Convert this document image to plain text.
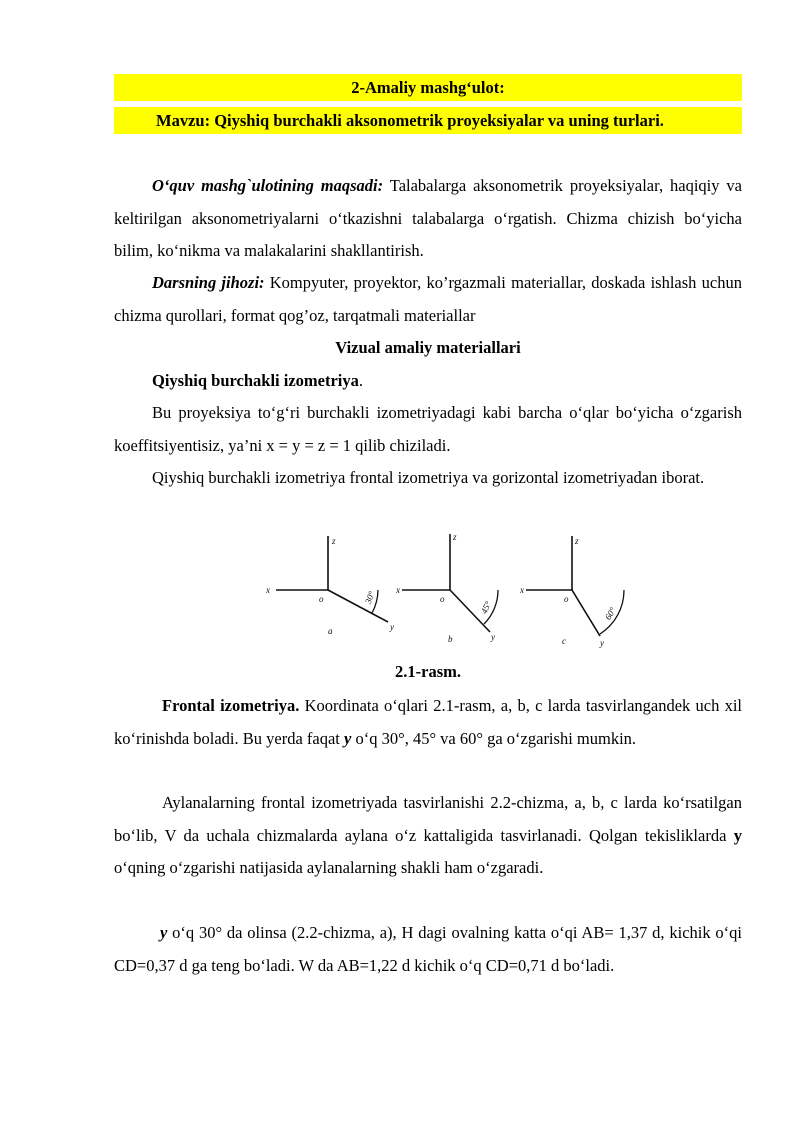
2-Amaliy mashg‘ulot:
Mavzu: Qiyshiq burchakli aksonometrik proyeksiyalar va uning turlari.
O‘quv mashg`ulotining maqsadi: Talabalarga aksonometrik proyeksiyalar, haqiqiy va keltirilgan aksonometriyalarni o‘tkazishni talabalarga o‘rgatish. Chizma chizish bo‘yicha bilim, ko‘nikma va malakalarini shakllantirish.
Darsning jihozi: Kompyuter, proyektor, ko’rgazmali materiallar, doskada ishlash uchun chizma qurollari, format qog’oz, tarqatmali materiallar
Vizual amaliy materiallari
Qiyshiq burchakli izometriya.
Bu proyeksiya to‘g‘ri burchakli izometriyadagi kabi barcha o‘qlar bo‘yicha o‘zgarish koeffitsiyentisiz, ya’ni x = y = z = 1 qilib chiziladi.
Qiyshiq burchakli izometriya frontal izometriya va gorizontal izometriyadan iborat.
2.1-rasm.
Frontal izometriya. Koordinata o‘qlari 2.1-rasm, a, b, c larda tasvirlangandek uch xil ko‘rinishda boladi. Bu yerda faqat y o‘q 30°, 45° va 60° ga o‘zgarishi mumkin.
Aylanalarning frontal izometriyada tasvirlanishi 2.2-chizma, a, b, c larda ko‘rsatilgan bo‘lib, V da uchala chizmalarda aylana o‘z kattaligida tasvirlanadi. Qolgan tekisliklarda y o‘qning o‘zgarishi natijasida aylanalarning shakli ham o‘zgaradi.
y o‘q 30° da olinsa (2.2-chizma, a), H dagi ovalning katta o‘qi AB= 1,37 d, kichik o‘qi CD=0,37 d ga teng bo‘ladi. W da AB=1,22 d kichik o‘q CD=0,71 d bo‘ladi.
z
x
o
y
30°
a
z
x
o
y
45°
b
z
x
o
y
60°
c
